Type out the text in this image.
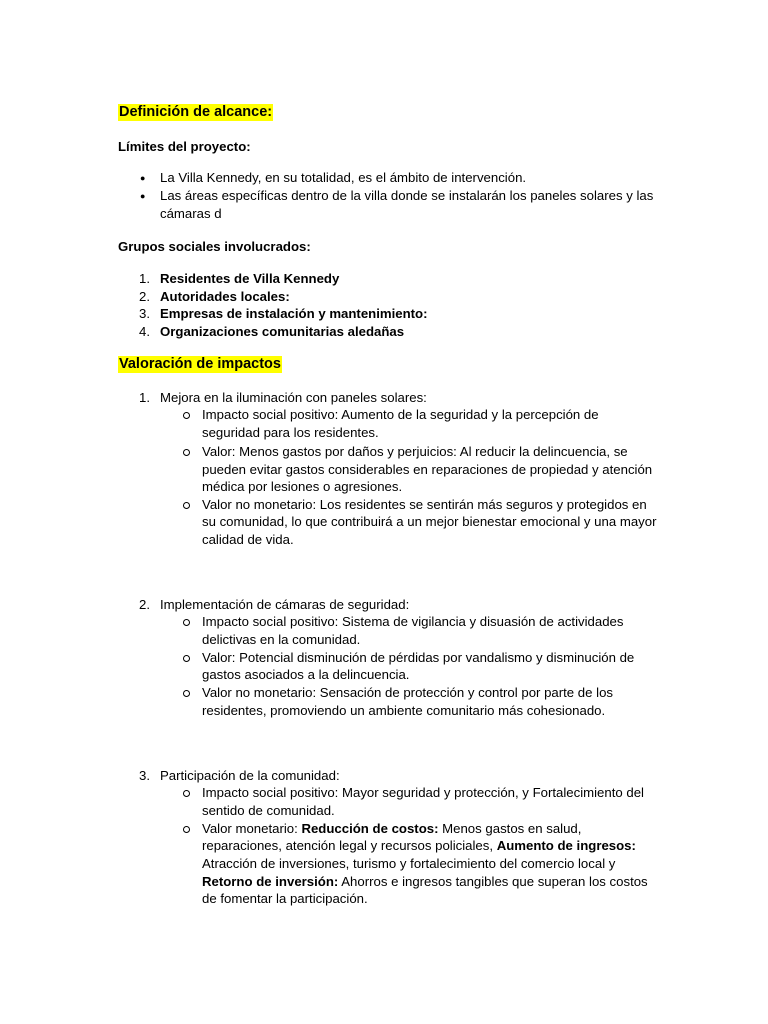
Definición de alcance:
Límites del proyecto:
● La Villa Kennedy, en su totalidad, es el ámbito de intervención.
● Las áreas específicas dentro de la villa donde se instalarán los paneles solares y las
cámaras d
Grupos sociales involucrados:
1. Residentes de Villa Kennedy
2. Autoridades locales:
3. Empresas de instalación y mantenimiento:
4. Organizaciones comunitarias aledañas
Valoración de impactos
1. Mejora en la iluminación con paneles solares:
Impacto social positivo: Aumento de la seguridad y la percepción de
seguridad para los residentes.
Valor: Menos gastos por daños y perjuicios: Al reducir la delincuencia, se
pueden evitar gastos considerables en reparaciones de propiedad y atención
médica por lesiones o agresiones.
Valor no monetario: Los residentes se sentirán más seguros y protegidos en
su comunidad, lo que contribuirá a un mejor bienestar emocional y una mayor
calidad de vida.
2. Implementación de cámaras de seguridad:
Impacto social positivo: Sistema de vigilancia y disuasión de actividades
delictivas en la comunidad.
Valor: Potencial disminución de pérdidas por vandalismo y disminución de
gastos asociados a la delincuencia.
Valor no monetario: Sensación de protección y control por parte de los
residentes, promoviendo un ambiente comunitario más cohesionado.
3. Participación de la comunidad:
Impacto social positivo: Mayor seguridad y protección, y Fortalecimiento del
sentido de comunidad.
Valor monetario: Reducción de costos: Menos gastos en salud,
reparaciones, atención legal y recursos policiales, Aumento de ingresos:
Atracción de inversiones, turismo y fortalecimiento del comercio local y
Retorno de inversión: Ahorros e ingresos tangibles que superan los costos
de fomentar la participación.
